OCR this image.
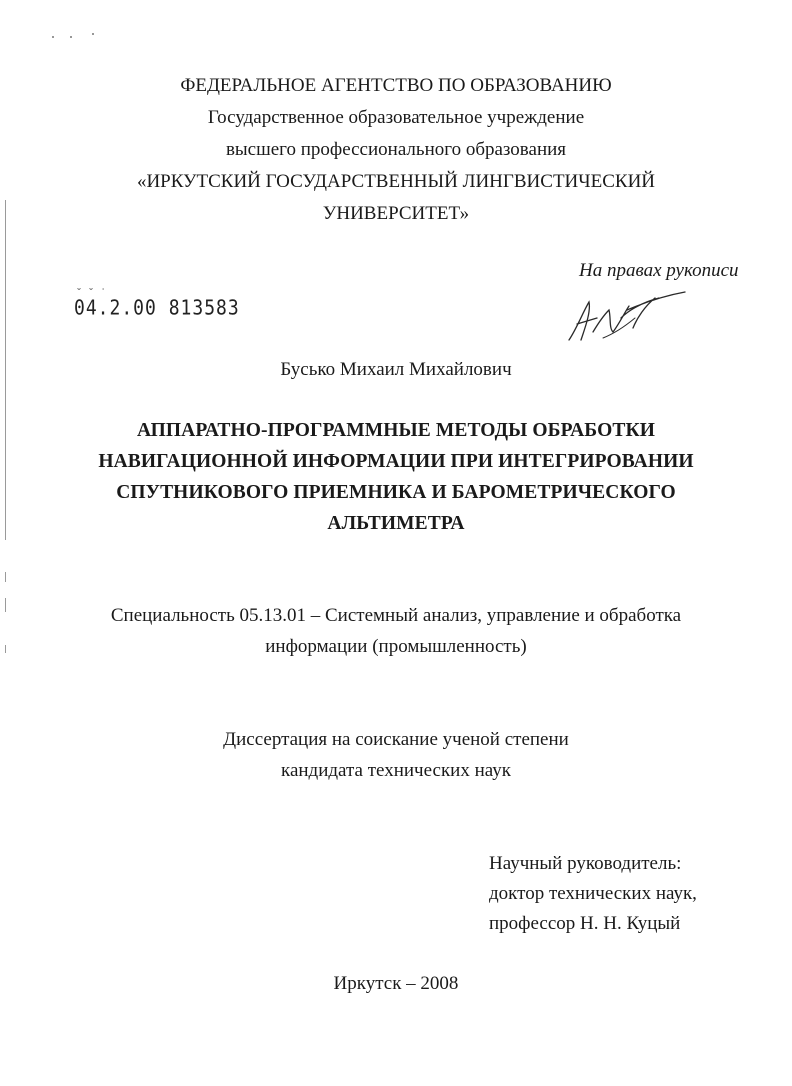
ФЕДЕРАЛЬНОЕ АГЕНТСТВО ПО ОБРАЗОВАНИЮ
Государственное образовательное учреждение
высшего профессионального образования
«ИРКУТСКИЙ ГОСУДАРСТВЕННЫЙ ЛИНГВИСТИЧЕСКИЙ
УНИВЕРСИТЕТ»
На правах рукописи
˘ ˘ ˙
04.2.00 813583
Бусько Михаил Михайлович
АППАРАТНО-ПРОГРАММНЫЕ МЕТОДЫ ОБРАБОТКИ
НАВИГАЦИОННОЙ ИНФОРМАЦИИ ПРИ ИНТЕГРИРОВАНИИ
СПУТНИКОВОГО ПРИЕМНИКА И БАРОМЕТРИЧЕСКОГО
АЛЬТИМЕТРА
Специальность 05.13.01 – Системный анализ, управление и обработка
информации (промышленность)
Диссертация на соискание ученой степени
кандидата технических наук
Научный руководитель:
доктор технических наук,
профессор Н. Н. Куцый
Иркутск – 2008
